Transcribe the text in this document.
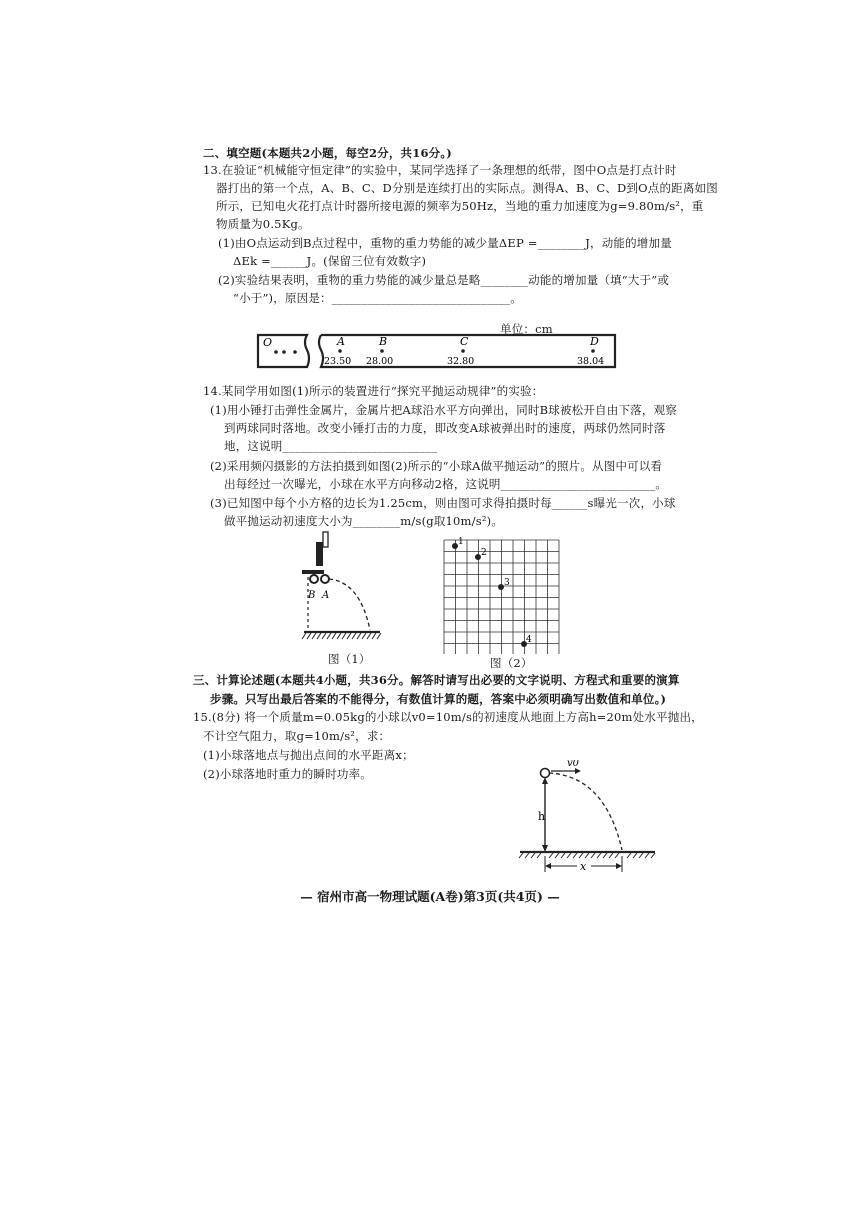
二、填空题(本题共2小题，每空2分，共16分。)
13.在验证“机械能守恒定律”的实验中，某同学选择了一条理想的纸带，图中O点是打点计时
器打出的第一个点，A、B、C、D分别是连续打出的实际点。测得A、B、C、D到O点的距离如图
所示，已知电火花打点计时器所接电源的频率为50Hz，当地的重力加速度为g=9.80m/s²，重
物质量为0.5Kg。
(1)由O点运动到B点过程中，重物的重力势能的减少量ΔEP =________J，动能的增加量
ΔEk =______J。(保留三位有效数字)
(2)实验结果表明，重物的重力势能的减少量总是略________动能的增加量（填“大于”或
“小于”)，原因是：______________________________。
单位：cm
O	A
23.50
B
28.00
C
32.80
D
38.04
14.某同学用如图(1)所示的装置进行“探究平抛运动规律”的实验：
(1)用小锤打击弹性金属片，金属片把A球沿水平方向弹出，同时B球被松开自由下落，观察
到两球同时落地。改变小锤打击的力度，即改变A球被弹出时的速度，两球仍然同时落
地，这说明__________________________
(2)采用频闪摄影的方法拍摄到如图(2)所示的“小球A做平抛运动”的照片。从图中可以看
出每经过一次曝光，小球在水平方向移动2格，这说明__________________________。
(3)已知图中每个小方格的边长为1.25cm，则由图可求得拍摄时每______s曝光一次，小球
做平抛运动初速度大小为________m/s(g取10m/s²)。
B A
图（1）
1
2
3
4
图（2）
三、计算论述题(本题共4小题，共36分。解答时请写出必要的文字说明、方程式和重要的演算
步骤。只写出最后答案的不能得分，有数值计算的题，答案中必须明确写出数值和单位。)
15.(8分) 将一个质量m=0.05kg的小球以v0=10m/s的初速度从地面上方高h=20m处水平抛出，
不计空气阻力，取g=10m/s²，求：
(1)小球落地点与抛出点间的水平距离x；
(2)小球落地时重力的瞬时功率。
v0
h
x
— 宿州市高一物理试题(A卷)第3页(共4页) —
